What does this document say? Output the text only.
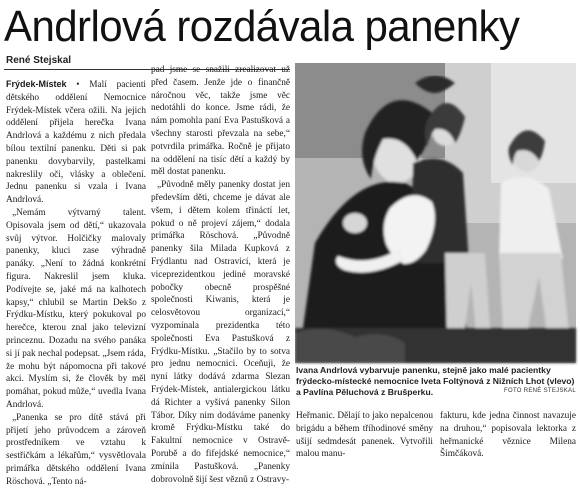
Andrlová rozdávala panenky
René Stejskal

Frýdek-Místek • Malí pacienti dětského oddělení Nemocnice Frýdek-Místek včera ožili. Na jejich oddělení přijela herečka Ivana Andrlová a každému z nich předala bílou textilní panenku. Děti si pak panenku dovybarvily, pastelkami nakreslily oči, vlásky a oblečení. Jednu panenku si vzala i Ivana Andrlová.

„Nemám výtvarný talent. Opisovala jsem od dětí,“ ukazovala svůj výtvor. Holčičky malovaly panenky, kluci zase výhradně panáky. „Není to žádná konkrétní figura. Nakreslil jsem kluka. Podívejte se, jaké má na kalhotech kapsy,“ chlubil se Martin Dekšo z Frýdku-Místku, který pokukoval po herečce, kterou znal jako televizní princeznu. Dozadu na svého panáka si jí pak nechal podepsat. „Jsem ráda, že mohu být nápomocna při takové akci. Myslím si, že člověk by měl pomáhat, pokud může,“ uvedla Ivana Andrlová.

„Panenka se pro dítě stává při přijetí jeho průvodcem a zároveň prostředníkem ve vztahu k sestřičkám a lékařům,“ vysvětlovala primářka dětského oddělení Ivana Röschová. „Tento ná-

pad jsme se snažili zrealizovat už před časem. Jenže jde o finančně náročnou věc, takže jsme věc nedotáhli do konce. Jsme rádi, že nám pomohla paní Eva Pastušková a všechny starosti převzala na sebe,“ potvrdila primářka. Ročně je přijato na oddělení na tisíc dětí a každý by měl dostat panenku.

„Původně měly panenky dostat jen především děti, chceme je dávat ale všem, i dětem kolem třináctí let, pokud o ně projeví zájem,“ dodala primářka Röschová. „Původně panenky šila Milada Kupková z Frýdlantu nad Ostravicí, která je viceprezidentkou jediné moravské pobočky obecně prospěšné společnosti Kiwanis, která je celosvětovou organizací,“ vyzpomínala prezidentka této společnosti Eva Pastušková z Frýdku-Místku. „Stačilo by to sotva pro jednu nemocnici. Oceňuji, že nyní látky dodává zdarma Slezan Frýdek-Místek, antialergickou látku dá Richter a vyšívá panenky Silon Tábor. Díky nim dodáváme panenky kromě Frýdku-Místku také do Fakultní nemocnice v Ostravě-Porubě a do fifejdské nemocnice,“ zmínila Pastušková. „Panenky dobrovolně šijí šest věznů z Ostravy-

Ivana Andrlová vybarvuje panenku, stejně jako malé pacientky frýdecko-místecké nemocnice Iveta Foltýnová z Nižních Lhot (vlevo) a Pavlína Pěluchová z Brušperku.	FOTO RENÉ STEJSKAL

Heřmanic. Dělají to jako nepalcenou brigádu a během tříhodinové směny ušijí sedmdesát panenek. Vytvořili malou manu-

fakturu, kde jedna činnost navazuje na druhou,“ popisovala lektorka z heřmanické věznice Milena Šimčáková.
